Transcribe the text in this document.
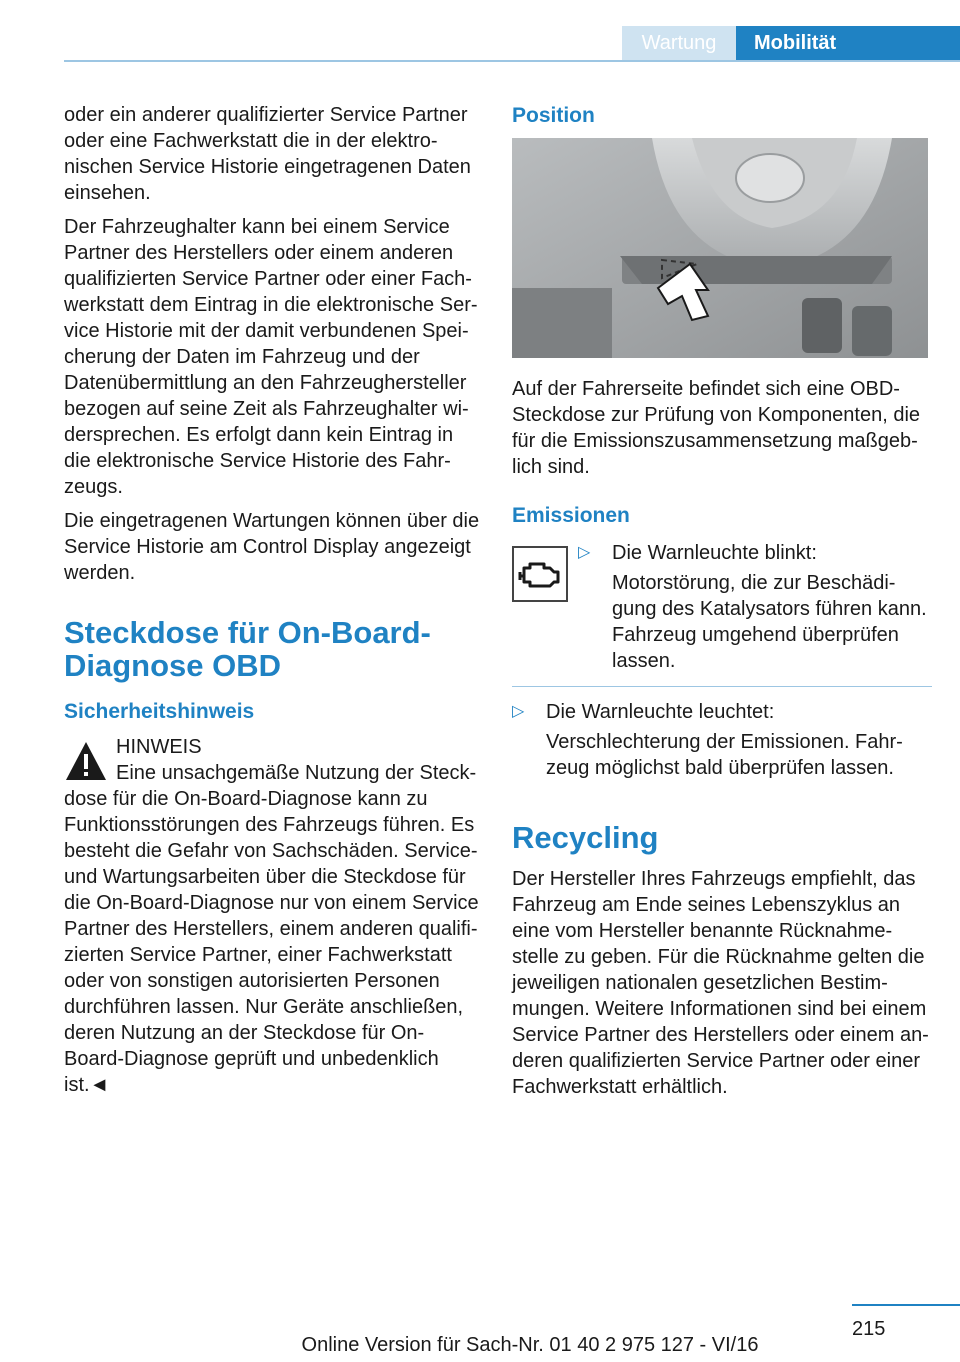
Wartung	Mobilität

oder ein anderer qualifizierter Service Partner oder eine Fachwerkstatt die in der elektro-nischen Service Historie eingetragenen Daten einsehen.

Der Fahrzeughalter kann bei einem Service Partner des Herstellers oder einem anderen qualifizierten Service Partner oder einer Fach-werkstatt dem Eintrag in die elektronische Ser-vice Historie mit der damit verbundenen Spei-cherung der Daten im Fahrzeug und der Datenübermittlung an den Fahrzeughersteller bezogen auf seine Zeit als Fahrzeughalter wi-dersprechen. Es erfolgt dann kein Eintrag in die elektronische Service Historie des Fahr-zeugs.

Die eingetragenen Wartungen können über die Service Historie am Control Display angezeigt werden.

Steckdose für On-Board-Diagnose OBD
Sicherheitshinweis
HINWEIS
Eine unsachgemäße Nutzung der Steck-
dose für die On-Board-Diagnose kann zu Funktionsstörungen des Fahrzeugs führen. Es besteht die Gefahr von Sachschäden. Service- und Wartungsarbeiten über die Steckdose für die On-Board-Diagnose nur von einem Service Partner des Herstellers, einem anderen qualifi-zierten Service Partner, einer Fachwerkstatt oder von sonstigen autorisierten Personen durchführen lassen. Nur Geräte anschließen, deren Nutzung an der Steckdose für On-Board-Diagnose geprüft und unbedenklich ist.◄
Position

Auf der Fahrerseite befindet sich eine OBD-Steckdose zur Prüfung von Komponenten, die für die Emissionszusammensetzung maßgeb-lich sind.

Emissionen
▷	Die Warnleuchte blinkt:
Motorstörung, die zur Beschädi-gung des Katalysators führen kann. Fahrzeug umgehend überprüfen lassen.
▷	Die Warnleuchte leuchtet:
Verschlechterung der Emissionen. Fahr-zeug möglichst bald überprüfen lassen.
Recycling

Der Hersteller Ihres Fahrzeugs empfiehlt, das Fahrzeug am Ende seines Lebenszyklus an eine vom Hersteller benannte Rücknahme-stelle zu geben. Für die Rücknahme gelten die jeweiligen nationalen gesetzlichen Bestim-mungen. Weitere Informationen sind bei einem Service Partner des Herstellers oder einem an-deren qualifizierten Service Partner oder einer Fachwerkstatt erhältlich.

215
Online Version für Sach-Nr. 01 40 2 975 127 - VI/16
